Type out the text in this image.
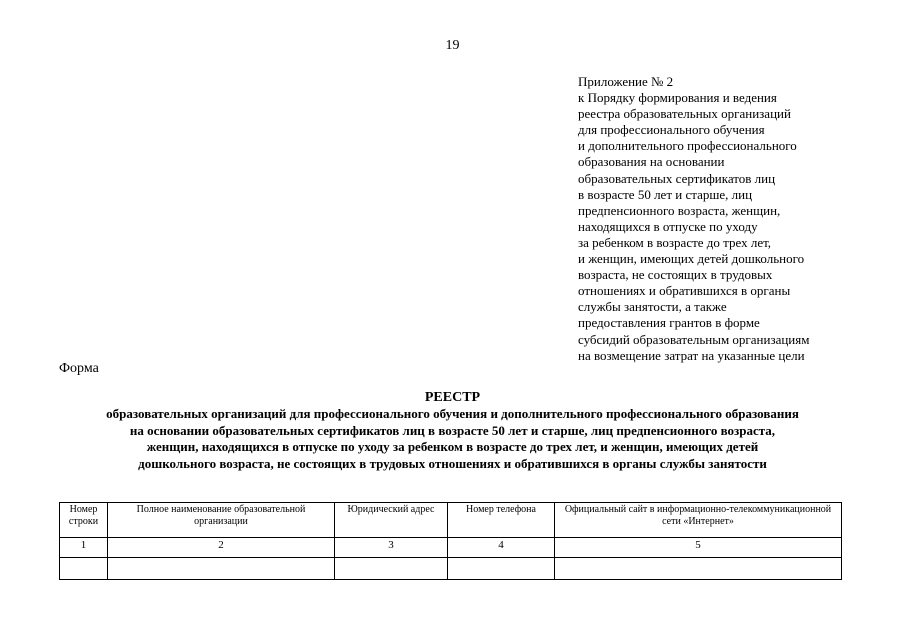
19
Приложение № 2
к Порядку формирования и ведения
реестра образовательных организаций
для профессионального обучения
и дополнительного профессионального
образования на основании
образовательных сертификатов лиц
в возрасте 50 лет и старше, лиц
предпенсионного возраста, женщин,
находящихся в отпуске по уходу
за ребенком в возрасте до трех лет,
и женщин, имеющих детей дошкольного
возраста, не состоящих в трудовых
отношениях и обратившихся в органы
службы занятости, а также
предоставления грантов в форме
субсидий образовательным организациям
на возмещение затрат на указанные цели
Форма
РЕЕСТР
образовательных организаций для профессионального обучения и дополнительного профессионального образования
на основании образовательных сертификатов лиц в возрасте 50 лет и старше, лиц предпенсионного возраста,
женщин, находящихся в отпуске по уходу за ребенком в возрасте до трех лет, и женщин, имеющих детей
дошкольного возраста, не состоящих в трудовых отношениях и обратившихся в органы службы занятости
Номер строки	Полное наименование образовательной организации	Юридический адрес	Номер телефона	Официальный сайт в информационно-телекоммуникационной сети «Интернет»
1	2	3	4	5
